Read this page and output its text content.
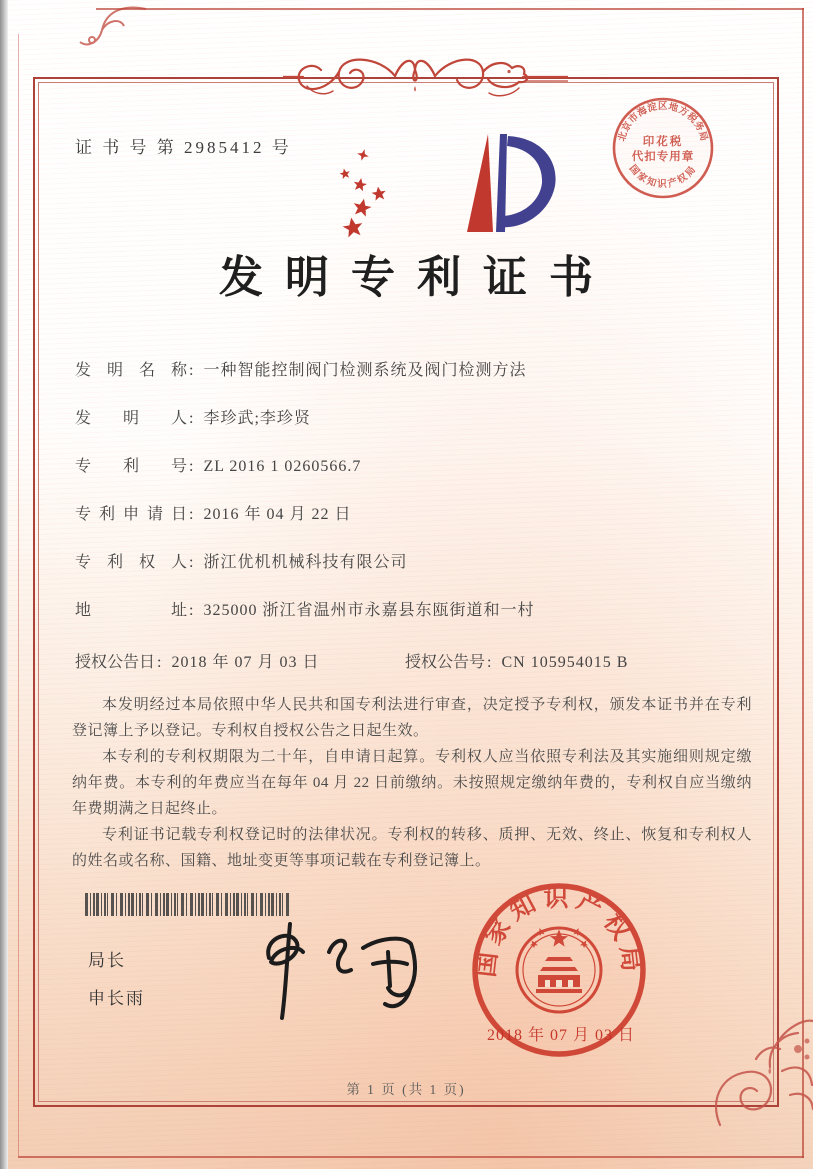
证 书 号 第 2985412 号
北京市海淀区地方税务局
国家知识产权局
印花税
代扣专用章
发明专利证书
发明名称 : 一种智能控制阀门检测系统及阀门检测方法
发明人 : 李珍武;李珍贤
专利号 : ZL 2016 1 0260566.7
专利申请日 : 2016 年 04 月 22 日
专利权人 : 浙江优机机械科技有限公司
地址 : 325000 浙江省温州市永嘉县东瓯街道和一村
授权公告日 : 2018 年 07 月 03 日	授权公告号 : CN 105954015 B

本发明经过本局依照中华人民共和国专利法进行审查，决定授予专利权，颁发本证书并在专利登记簿上予以登记。专利权自授权公告之日起生效。

本专利的专利权期限为二十年，自申请日起算。专利权人应当依照专利法及其实施细则规定缴纳年费。本专利的年费应当在每年 04 月 22 日前缴纳。未按照规定缴纳年费的，专利权自应当缴纳年费期满之日起终止。

专利证书记载专利权登记时的法律状况。专利权的转移、质押、无效、终止、恢复和专利权人的姓名或名称、国籍、地址变更等事项记载在专利登记簿上。

局长
申长雨
国家知识产权局
2018 年 07 月 03 日
第 1 页 (共 1 页)
